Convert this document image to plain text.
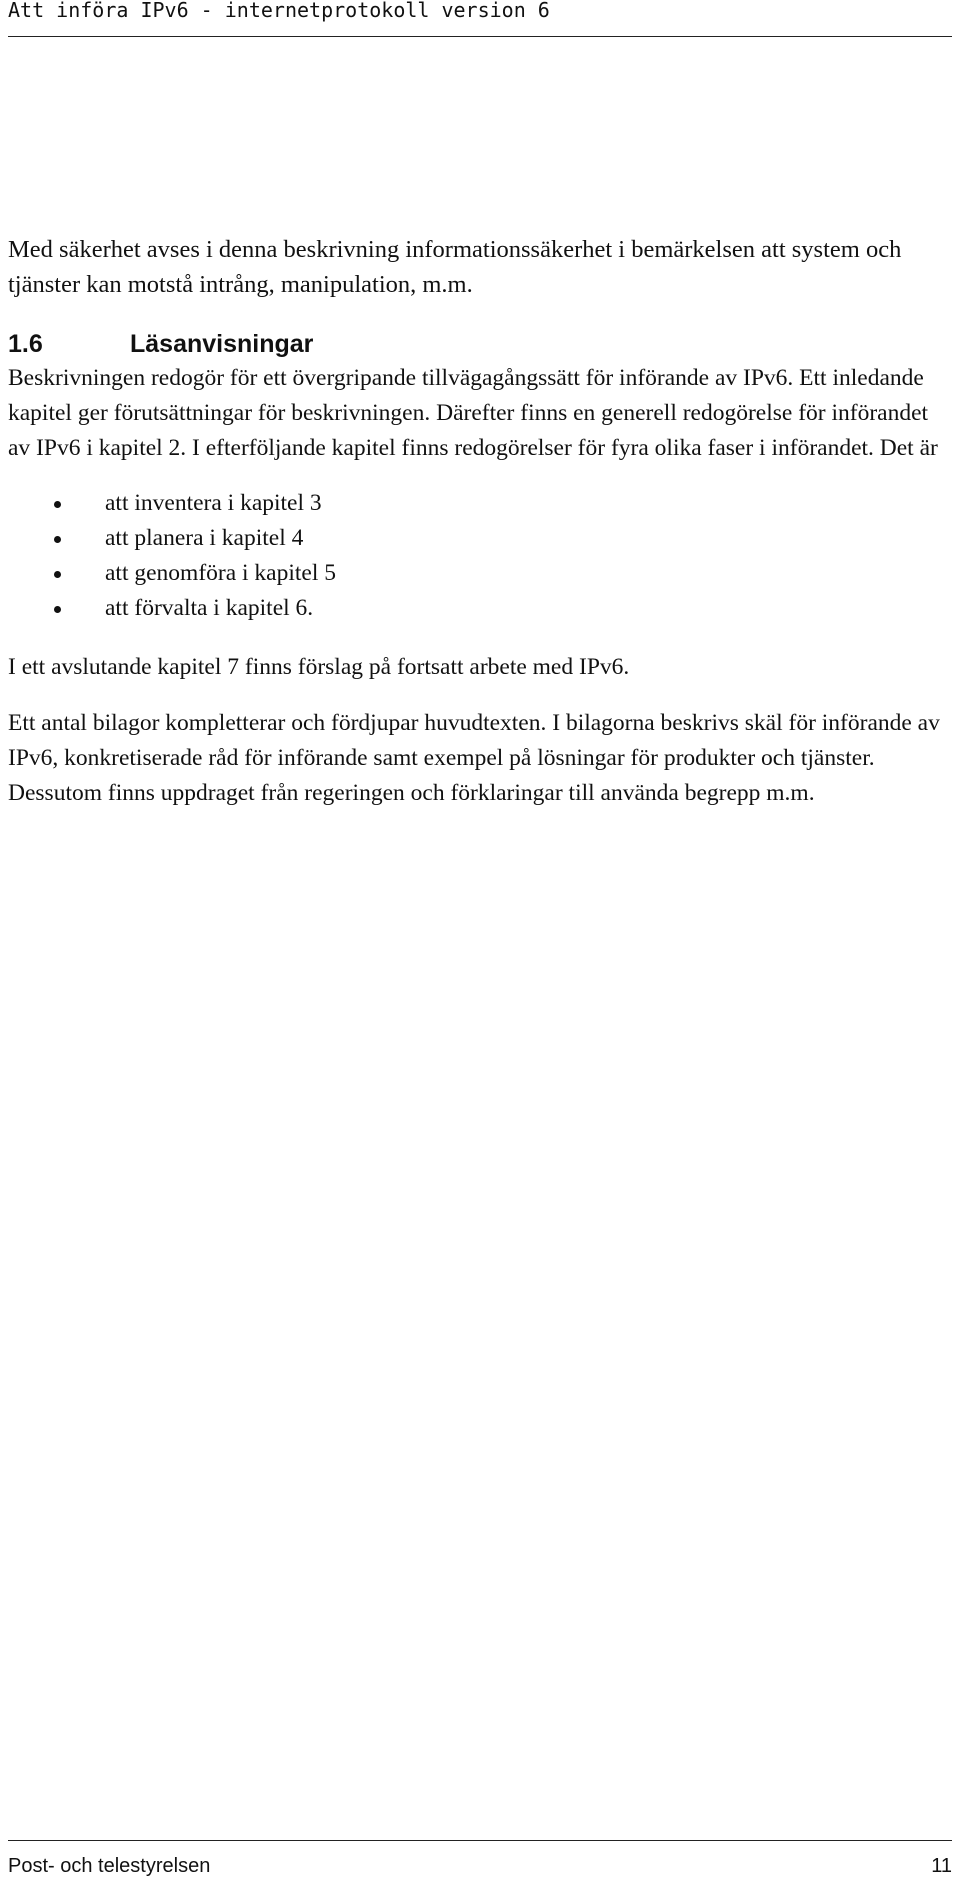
Att införa IPv6 - internetprotokoll version 6

Med säkerhet avses i denna beskrivning informationssäkerhet i bemärkelsen att system och tjänster kan motstå intrång, manipulation, m.m.

1.6	Läsanvisningar

Beskrivningen redogör för ett övergripande tillvägagångssätt för införande av IPv6. Ett inledande kapitel ger förutsättningar för beskrivningen. Därefter finns en generell redogörelse för införandet av IPv6 i kapitel 2. I efterföljande kapitel finns redogörelser för fyra olika faser i införandet. Det är

att inventera i kapitel 3
att planera i kapitel 4
att genomföra i kapitel 5
att förvalta i kapitel 6.

I ett avslutande kapitel 7 finns förslag på fortsatt arbete med IPv6.

Ett antal bilagor kompletterar och fördjupar huvudtexten. I bilagorna beskrivs skäl för införande av IPv6, konkretiserade råd för införande samt exempel på lösningar för produkter och tjänster. Dessutom finns uppdraget från regeringen och förklaringar till använda begrepp m.m.

Post- och telestyrelsen	11
